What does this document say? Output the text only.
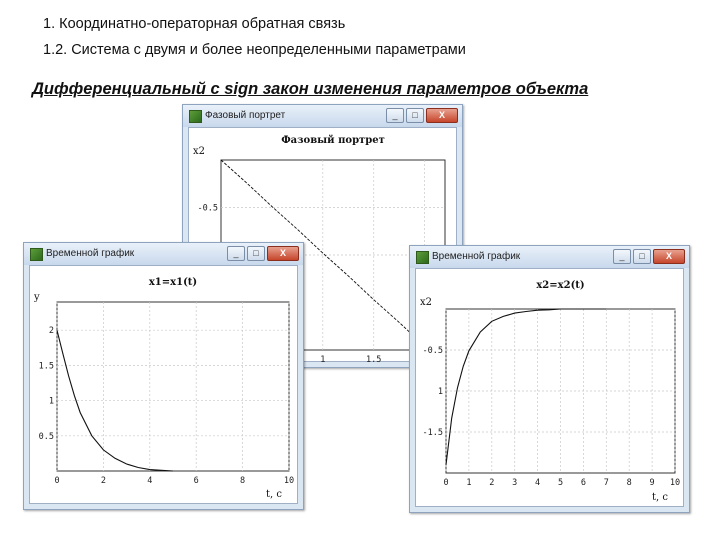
1. Координатно-операторная обратная связь
1.2. Система с двумя и более неопределенными параметрами
Дифференциальный с sign закон изменения параметров объекта
Фазовый портрет	_	□	X
1	1.5
-0.5
Фазовый портрет
x2
Временной график	_	□	X
0	2	4	6	8	10
0.5
1
1.5
2
x1=x1(t)
y
t, c
Временной график	_	□	X
0 1 2 3 4 5 6 7 8 9 10
-0.5
1
-1.5
x2=x2(t)
x2
t, c
